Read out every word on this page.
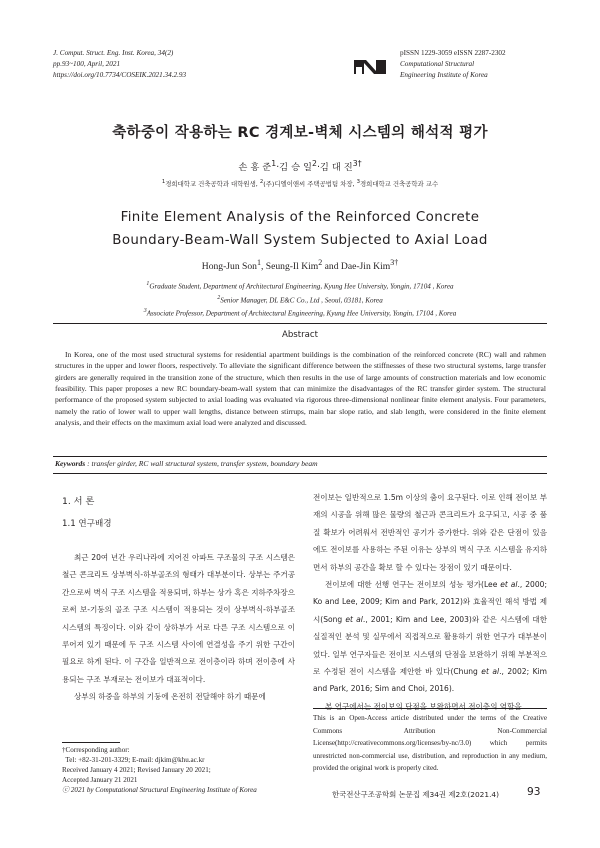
J. Comput. Struct. Eng. Inst. Korea, 34(2)
pp.93~100, April, 2021
https://doi.org/10.7734/COSEIK.2021.34.2.93
pISSN 1229-3059 eISSN 2287-2302
Computational Structural
Engineering Institute of Korea
축하중이 작용하는 RC 경계보-벽체 시스템의 해석적 평가
손 홍 준$^1$·김 승 일$^2$·김 대 진$^{3\dagger}$
$^1$경희대학교 건축공학과 대학원생, $^2$(주)디엘이앤씨 주택공법팀 차장, $^3$경희대학교 건축공학과 교수
Finite Element Analysis of the Reinforced Concrete
Boundary-Beam-Wall System Subjected to Axial Load
Hong-Jun Son$^1$, Seung-Il Kim$^2$ and Dae-Jin Kim$^{3\dagger}$
$^1$Graduate Student, Department of Architectural Engineering, Kyung Hee University, Yongin, 17104 , Korea
$^2$Senior Manager, DL E&C Co., Ltd , Seoul, 03181, Korea
$^3$Associate Professor, Department of Architectural Engineering, Kyung Hee University, Yongin, 17104 , Korea
Abstract
In Korea, one of the most used structural systems for residential apartment buildings is the combination of the reinforced concrete (RC) wall and rahmen structures in the upper and lower floors, respectively. To alleviate the significant difference between the stiffnesses of these two structural systems, large transfer girders are generally required in the transition zone of the structure, which then results in the use of large amounts of construction materials and low economic feasibility. This paper proposes a new RC boundary-beam-wall system that can minimize the disadvantages of the RC transfer girder system. The structural performance of the proposed system subjected to axial loading was evaluated via rigorous three-dimensional nonlinear finite element analysis. Four parameters, namely the ratio of lower wall to upper wall lengths, distance between stirrups, main bar slope ratio, and slab length, were considered in the finite element analysis, and their effects on the maximum axial load were analyzed and discussed.
Keywords : transfer girder, RC wall structural system, transfer system, boundary beam
1. 서 론
1.1 연구배경

최근 20여 년간 우리나라에 지어진 아파트 구조물의 구조 시스템은 철근 콘크리트 상부벽식-하부골조의 형태가 대부분이다. 상부는 주거공간으로써 벽식 구조 시스템을 적용되며, 하부는 상가 혹은 지하주차장으로써 보-기둥의 골조 구조 시스템이 적용되는 것이 상부벽식-하부골조 시스템의 특징이다. 이와 같이 상하부가 서로 다른 구조 시스템으로 이루어져 있기 때문에 두 구조 시스템 사이에 연결성을 주기 위한 구간이 필요로 하게 된다. 이 구간을 일반적으로 전이층이라 하며 전이층에 사용되는 구조 부재로는 전이보가 대표적이다.

상부의 하중을 하부의 기둥에 온전히 전달해야 하기 때문에

전이보는 일반적으로 1.5m 이상의 춤이 요구된다. 이로 인해 전이보 부재의 시공을 위해 많은 물량의 철근과 콘크리트가 요구되고, 시공 중 품질 확보가 어려워서 전반적인 공기가 증가한다. 위와 같은 단점이 있음에도 전이보를 사용하는 주된 이유는 상부의 벽식 구조 시스템을 유지하면서 하부의 공간을 확보 할 수 있다는 장점이 있기 때문이다.

전이보에 대한 선행 연구는 전이보의 성능 평가(Lee et al., 2000; Ko and Lee, 2009; Kim and Park, 2012)와 효율적인 해석 방법 제시(Song et al., 2001; Kim and Lee, 2003)와 같은 시스템에 대한 실질적인 분석 및 실무에서 직접적으로 활용하기 위한 연구가 대부분이었다. 일부 연구자들은 전이보 시스템의 단점을 보완하기 위해 부분적으로 수정된 전이 시스템을 제안한 바 있다(Chung et al., 2002; Kim and Park, 2016; Sim and Choi, 2016).

본 연구에서는 전이보의 단점을 보완하면서 전이층의 역할을

†Corresponding author:
Tel: +82-31-201-3329; E-mail: djkim@khu.ac.kr
Received January 4 2021; Revised January 20 2021;
Accepted January 21 2021
ⓒ 2021 by Computational Structural Engineering Institute of Korea
This is an Open-Access article distributed under the terms of the Creative Commons Attribution Non-Commercial License(http://creativecommons.org/licenses/by-nc/3.0) which permits unrestricted non-commercial use, distribution, and reproduction in any medium, provided the original work is properly cited.
한국전산구조공학회 논문집 제34권 제2호(2021.4)	93
